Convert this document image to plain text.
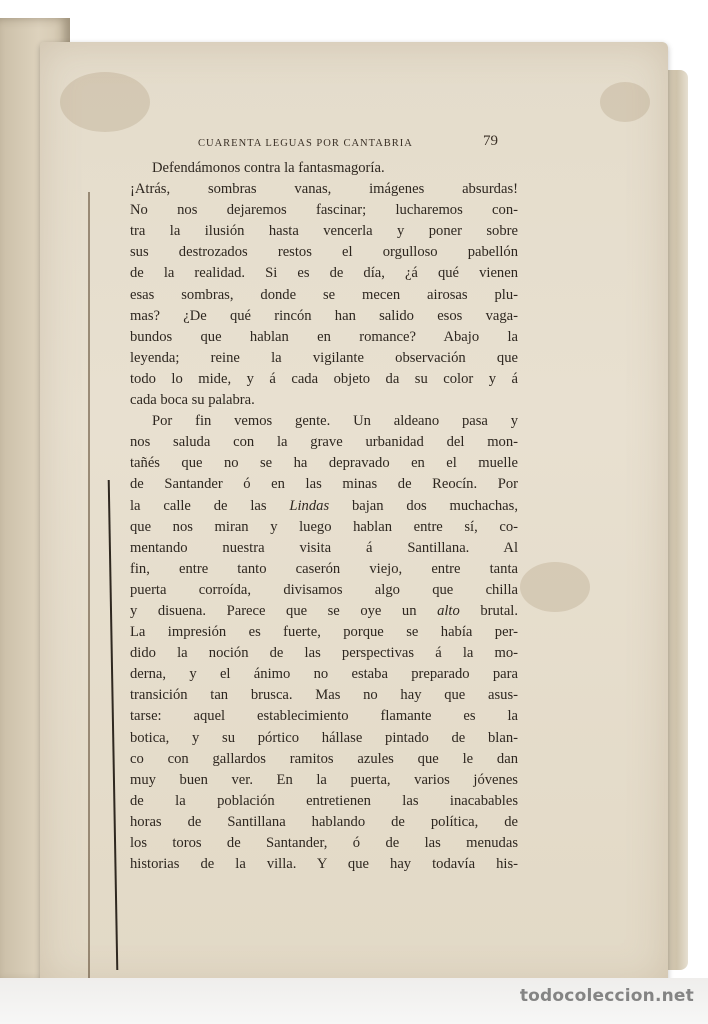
CUARENTA LEGUAS POR CANTABRIA	79
Defendámonos contra la fantasmagoría.
¡Atrás, sombras vanas, imágenes absurdas!
No nos dejaremos fascinar; lucharemos con-
tra la ilusión hasta vencerla y poner sobre
sus destrozados restos el orgulloso pabellón
de la realidad. Si es de día, ¿á qué vienen
esas sombras, donde se mecen airosas plu-
mas? ¿De qué rincón han salido esos vaga-
bundos que hablan en romance? Abajo la
leyenda; reine la vigilante observación que
todo lo mide, y á cada objeto da su color y á
cada boca su palabra.
Por fin vemos gente. Un aldeano pasa y
nos saluda con la grave urbanidad del mon-
tañés que no se ha depravado en el muelle
de Santander ó en las minas de Reocín. Por
la calle de las Lindas bajan dos muchachas,
que nos miran y luego hablan entre sí, co-
mentando nuestra visita á Santillana. Al
fin, entre tanto caserón viejo, entre tanta
puerta corroída, divisamos algo que chilla
y disuena. Parece que se oye un alto brutal.
La impresión es fuerte, porque se había per-
dido la noción de las perspectivas á la mo-
derna, y el ánimo no estaba preparado para
transición tan brusca. Mas no hay que asus-
tarse: aquel establecimiento flamante es la
botica, y su pórtico hállase pintado de blan-
co con gallardos ramitos azules que le dan
muy buen ver. En la puerta, varios jóvenes
de la población entretienen las inacabables
horas de Santillana hablando de política, de
los toros de Santander, ó de las menudas
historias de la villa. Y que hay todavía his-
todocoleccion.net
